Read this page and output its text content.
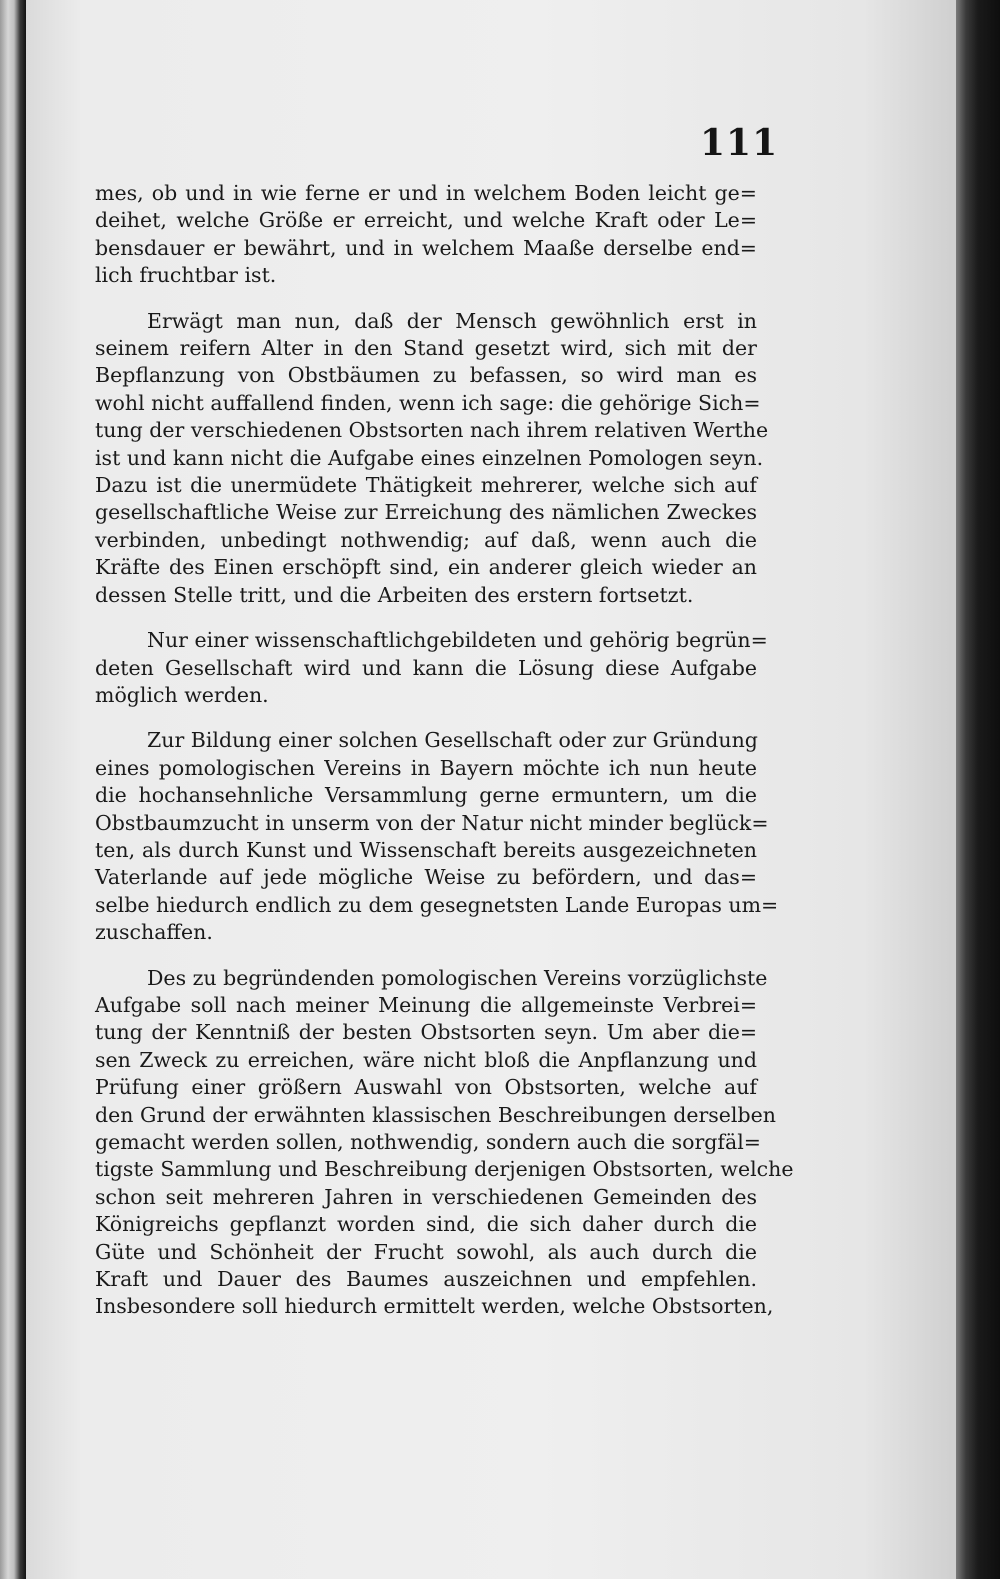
111
mes, ob und in wie ferne er und in welchem Boden leicht ge=
deihet, welche Größe er erreicht, und welche Kraft oder Le=
bensdauer er bewährt, und in welchem Maaße derselbe end=
lich fruchtbar ist.
Erwägt man nun, daß der Mensch gewöhnlich erst in
seinem reifern Alter in den Stand gesetzt wird, sich mit der
Bepflanzung von Obstbäumen zu befassen, so wird man es
wohl nicht auffallend finden, wenn ich sage: die gehörige Sich=
tung der verschiedenen Obstsorten nach ihrem relativen Werthe
ist und kann nicht die Aufgabe eines einzelnen Pomologen seyn.
Dazu ist die unermüdete Thätigkeit mehrerer, welche sich auf
gesellschaftliche Weise zur Erreichung des nämlichen Zweckes
verbinden, unbedingt nothwendig; auf daß, wenn auch die
Kräfte des Einen erschöpft sind, ein anderer gleich wieder an
dessen Stelle tritt, und die Arbeiten des erstern fortsetzt.
Nur einer wissenschaftlichgebildeten und gehörig begrün=
deten Gesellschaft wird und kann die Lösung diese Aufgabe
möglich werden.
Zur Bildung einer solchen Gesellschaft oder zur Gründung
eines pomologischen Vereins in Bayern möchte ich nun heute
die hochansehnliche Versammlung gerne ermuntern, um die
Obstbaumzucht in unserm von der Natur nicht minder beglück=
ten, als durch Kunst und Wissenschaft bereits ausgezeichneten
Vaterlande auf jede mögliche Weise zu befördern, und das=
selbe hiedurch endlich zu dem gesegnetsten Lande Europas um=
zuschaffen.
Des zu begründenden pomologischen Vereins vorzüglichste
Aufgabe soll nach meiner Meinung die allgemeinste Verbrei=
tung der Kenntniß der besten Obstsorten seyn. Um aber die=
sen Zweck zu erreichen, wäre nicht bloß die Anpflanzung und
Prüfung einer größern Auswahl von Obstsorten, welche auf
den Grund der erwähnten klassischen Beschreibungen derselben
gemacht werden sollen, nothwendig, sondern auch die sorgfäl=
tigste Sammlung und Beschreibung derjenigen Obstsorten, welche
schon seit mehreren Jahren in verschiedenen Gemeinden des
Königreichs gepflanzt worden sind, die sich daher durch die
Güte und Schönheit der Frucht sowohl, als auch durch die
Kraft und Dauer des Baumes auszeichnen und empfehlen.
Insbesondere soll hiedurch ermittelt werden, welche Obstsorten,
